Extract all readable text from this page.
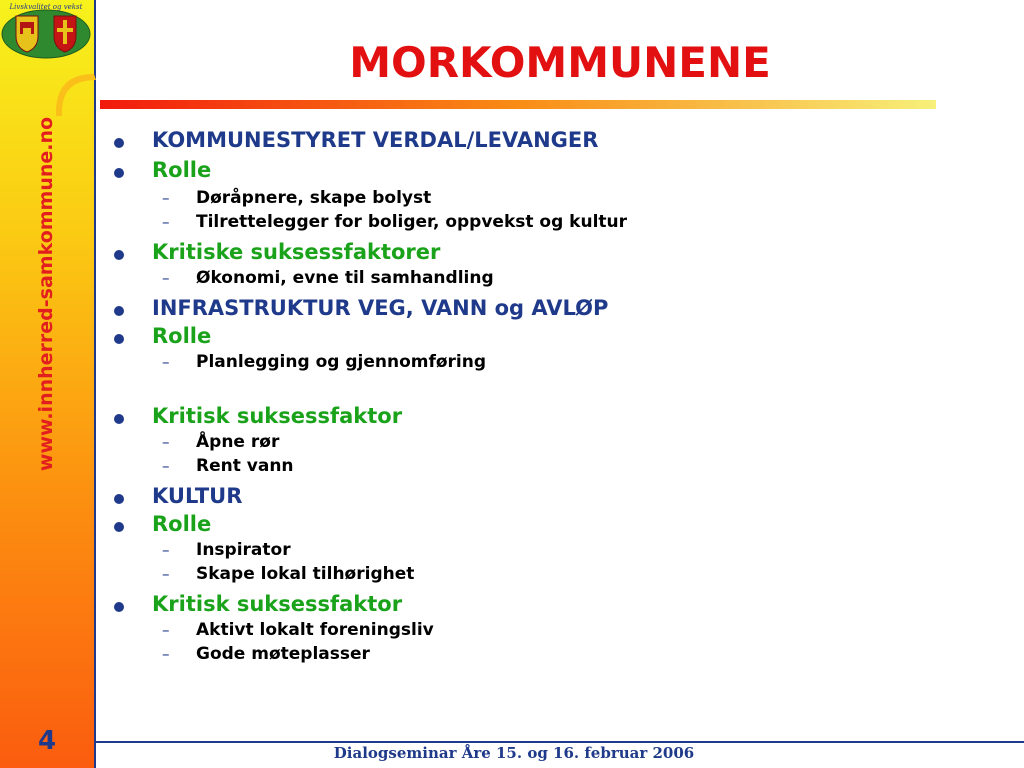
Livskvalitet og vekst
www.innherred-samkommune.no
4
MORKOMMUNENE
KOMMUNESTYRET VERDAL/LEVANGER
Rolle
– Døråpnere, skape bolyst
– Tilrettelegger for boliger, oppvekst og kultur
Kritiske suksessfaktorer
– Økonomi, evne til samhandling
INFRASTRUKTUR VEG, VANN og AVLØP
Rolle
– Planlegging og gjennomføring
Kritisk suksessfaktor
– Åpne rør
– Rent vann
KULTUR
Rolle
– Inspirator
– Skape lokal tilhørighet
Kritisk suksessfaktor
– Aktivt lokalt foreningsliv
– Gode møteplasser
Dialogseminar Åre 15. og 16. februar 2006
